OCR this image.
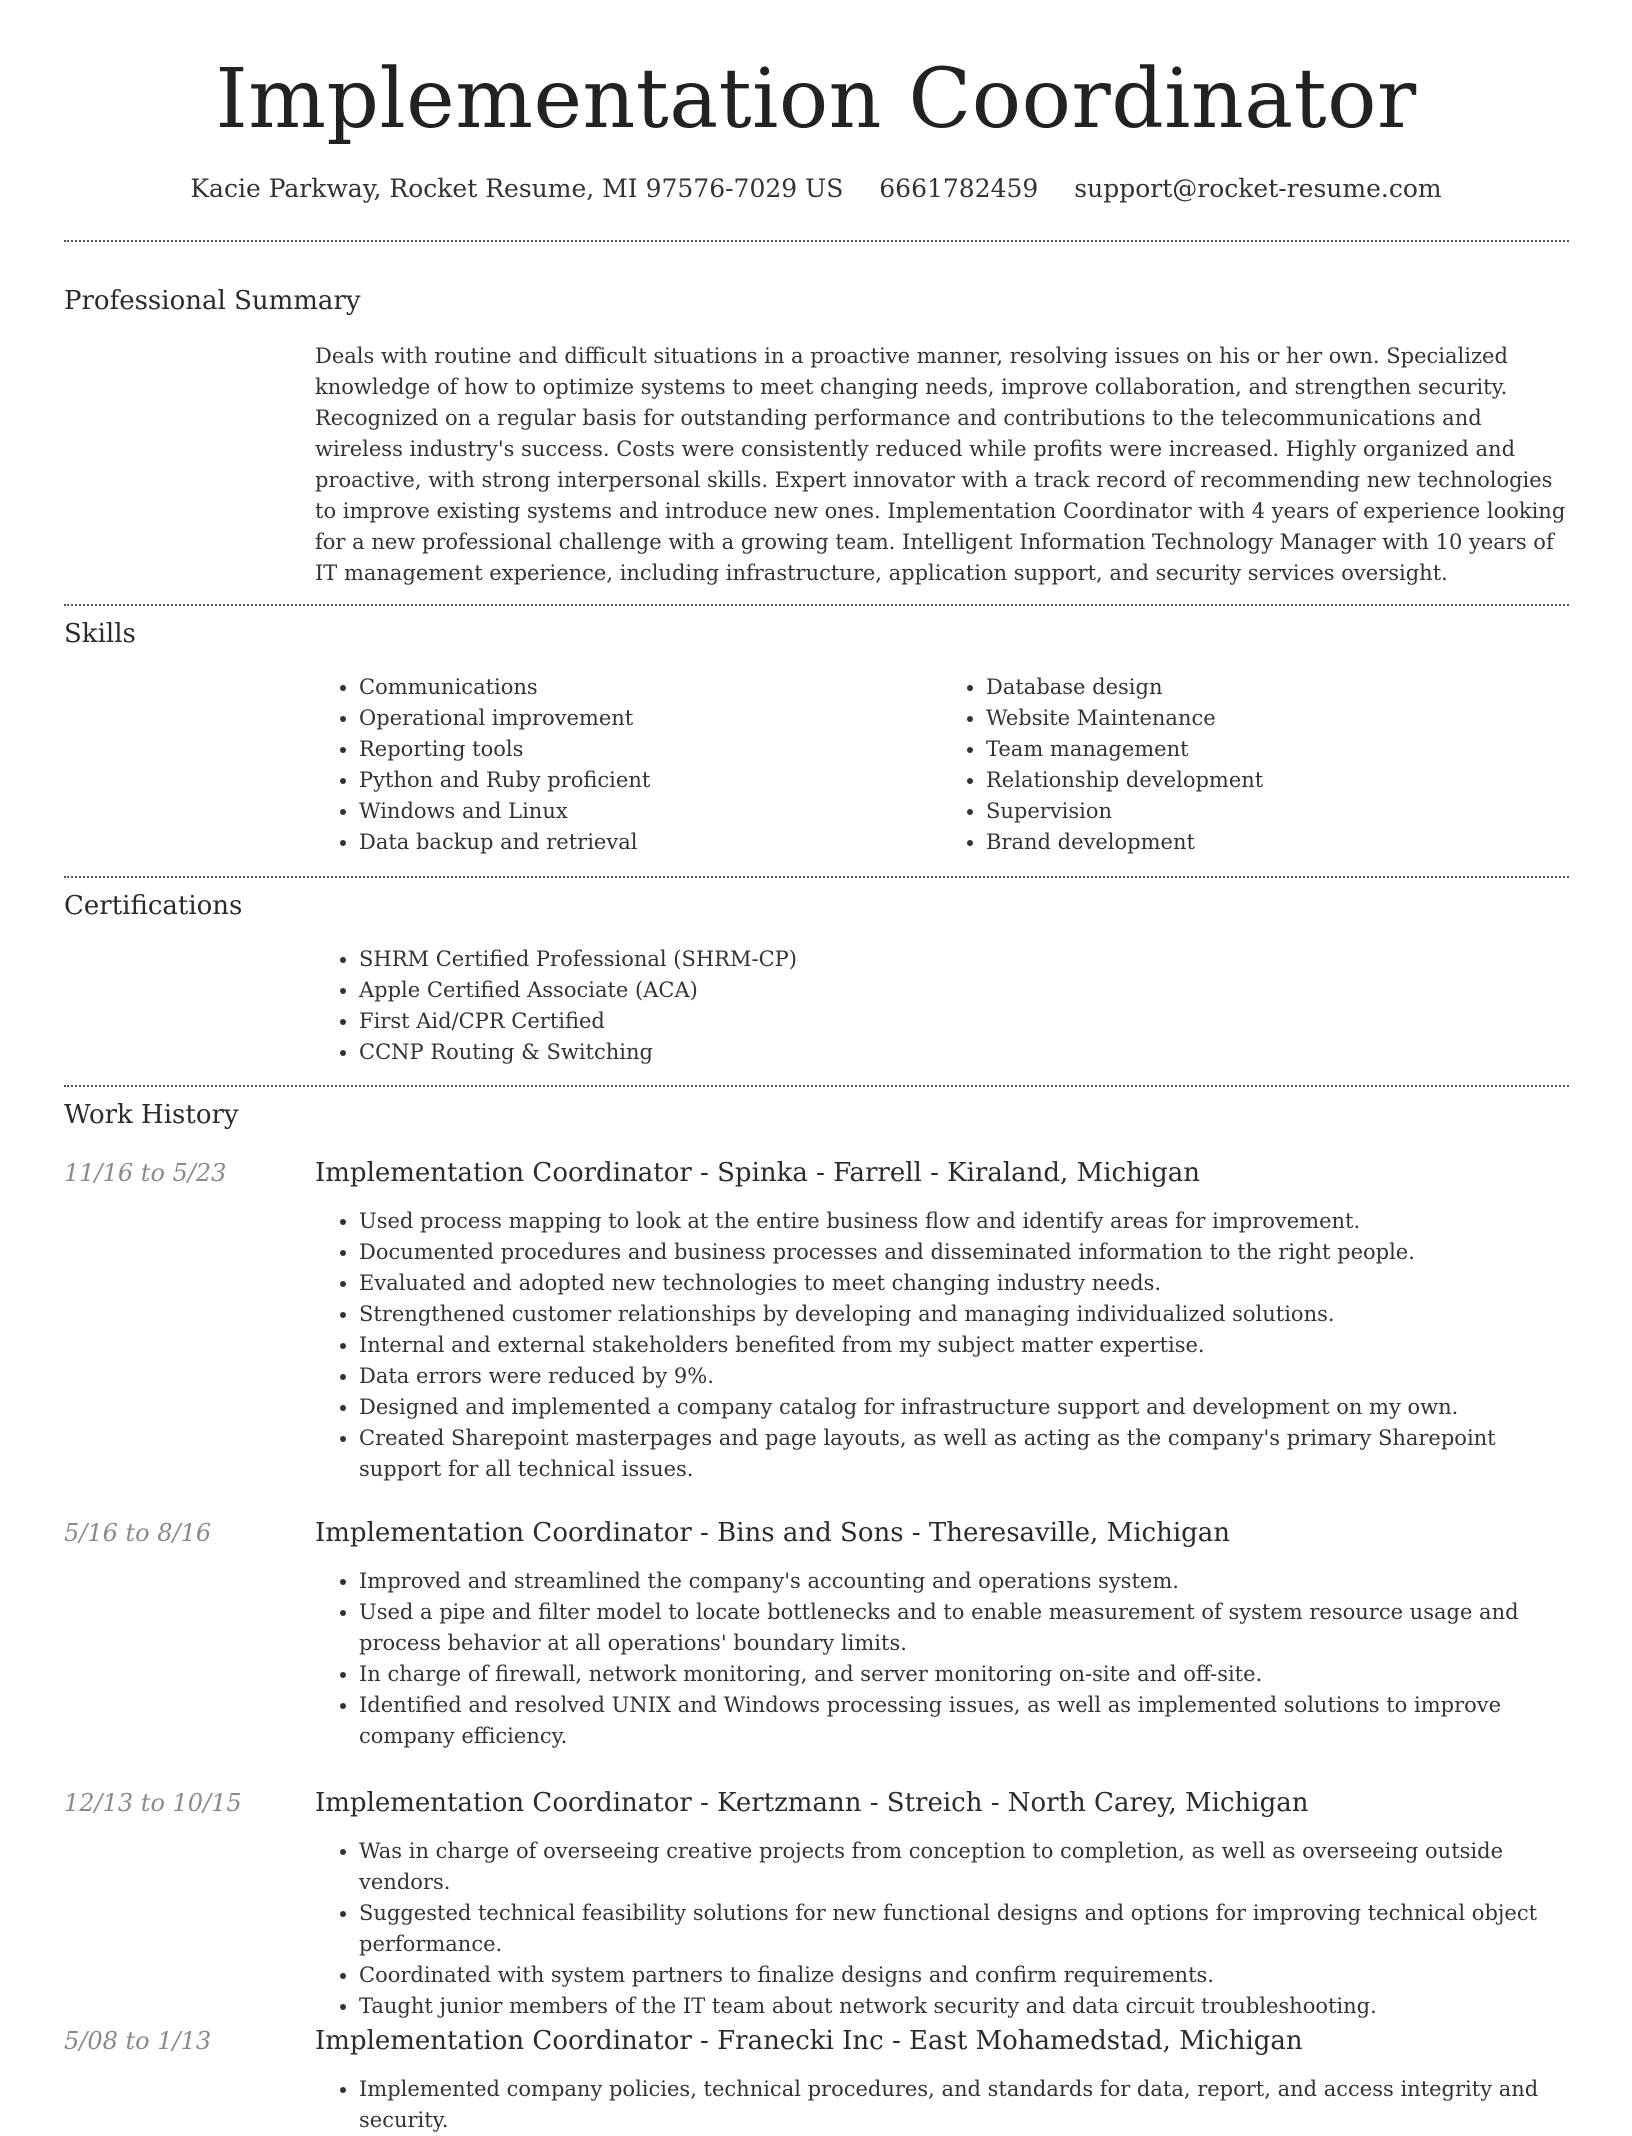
Implementation Coordinator
Kacie Parkway, Rocket Resume, MI 97576-7029 US 6661782459 support@rocket-resume.com
Professional Summary

Deals with routine and difficult situations in a proactive manner, resolving issues on his or her own. Specialized knowledge of how to optimize systems to meet changing needs, improve collaboration, and strengthen security. Recognized on a regular basis for outstanding performance and contributions to the telecommunications and wireless industry's success. Costs were consistently reduced while profits were increased. Highly organized and proactive, with strong interpersonal skills. Expert innovator with a track record of recommending new technologies to improve existing systems and introduce new ones. Implementation Coordinator with 4 years of experience looking for a new professional challenge with a growing team. Intelligent Information Technology Manager with 10 years of IT management experience, including infrastructure, application support, and security services oversight.

Skills
• Communications
• Operational improvement
• Reporting tools
• Python and Ruby proficient
• Windows and Linux
• Data backup and retrieval
• Database design
• Website Maintenance
• Team management
• Relationship development
• Supervision
• Brand development
Certifications
• SHRM Certified Professional (SHRM-CP)
• Apple Certified Associate (ACA)
• First Aid/CPR Certified
• CCNP Routing & Switching
Work History
11/16 to 5/23	Implementation Coordinator - Spinka - Farrell - Kiraland, Michigan
• Used process mapping to look at the entire business flow and identify areas for improvement.
• Documented procedures and business processes and disseminated information to the right people.
• Evaluated and adopted new technologies to meet changing industry needs.
• Strengthened customer relationships by developing and managing individualized solutions.
• Internal and external stakeholders benefited from my subject matter expertise.
• Data errors were reduced by 9%.
• Designed and implemented a company catalog for infrastructure support and development on my own.
• Created Sharepoint masterpages and page layouts, as well as acting as the company's primary Sharepoint support for all technical issues.
5/16 to 8/16	Implementation Coordinator - Bins and Sons - Theresaville, Michigan
• Improved and streamlined the company's accounting and operations system.
• Used a pipe and filter model to locate bottlenecks and to enable measurement of system resource usage and process behavior at all operations' boundary limits.
• In charge of firewall, network monitoring, and server monitoring on-site and off-site.
• Identified and resolved UNIX and Windows processing issues, as well as implemented solutions to improve company efficiency.
12/13 to 10/15	Implementation Coordinator - Kertzmann - Streich - North Carey, Michigan
• Was in charge of overseeing creative projects from conception to completion, as well as overseeing outside vendors.
• Suggested technical feasibility solutions for new functional designs and options for improving technical object performance.
• Coordinated with system partners to finalize designs and confirm requirements.
• Taught junior members of the IT team about network security and data circuit troubleshooting.
5/08 to 1/13	Implementation Coordinator - Franecki Inc - East Mohamedstad, Michigan
• Implemented company policies, technical procedures, and standards for data, report, and access integrity and security.
